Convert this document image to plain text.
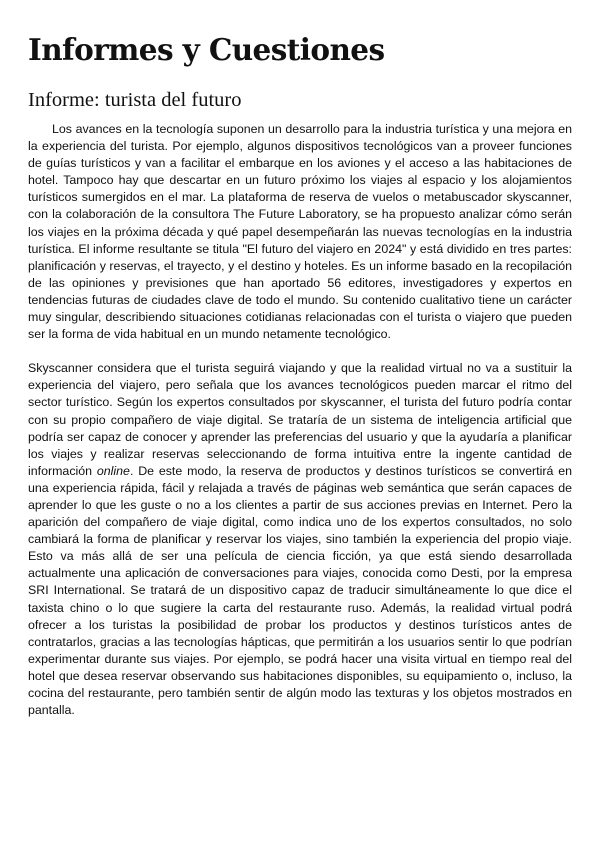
Informes y Cuestiones
Informe: turista del futuro

Los avances en la tecnología suponen un desarrollo para la industria turística y una mejora en la experiencia del turista. Por ejemplo, algunos dispositivos tecnológicos van a proveer funciones de guías turísticos y van a facilitar el embarque en los aviones y el acceso a las habitaciones de hotel. Tampoco hay que descartar en un futuro próximo los viajes al espacio y los alojamientos turísticos sumergidos en el mar. La plataforma de reserva de vuelos o metabuscador skyscanner, con la colaboración de la consultora The Future Laboratory, se ha propuesto analizar cómo serán los viajes en la próxima década y qué papel desempeñarán las nuevas tecnologías en la industria turística. El informe resultante se titula "El futuro del viajero en 2024" y está dividido en tres partes: planificación y reservas, el trayecto, y el destino y hoteles. Es un informe basado en la recopilación de las opiniones y previsiones que han aportado 56 editores, investigadores y expertos en tendencias futuras de ciudades clave de todo el mundo. Su contenido cualitativo tiene un carácter muy singular, describiendo situaciones cotidianas relacionadas con el turista o viajero que pueden ser la forma de vida habitual en un mundo netamente tecnológico.

Skyscanner considera que el turista seguirá viajando y que la realidad virtual no va a sustituir la experiencia del viajero, pero señala que los avances tecnológicos pueden marcar el ritmo del sector turístico. Según los expertos consultados por skyscanner, el turista del futuro podría contar con su propio compañero de viaje digital. Se trataría de un sistema de inteligencia artificial que podría ser capaz de conocer y aprender las preferencias del usuario y que la ayudaría a planificar los viajes y realizar reservas seleccionando de forma intuitiva entre la ingente cantidad de información online. De este modo, la reserva de productos y destinos turísticos se convertirá en una experiencia rápida, fácil y relajada a través de páginas web semántica que serán capaces de aprender lo que les guste o no a los clientes a partir de sus acciones previas en Internet. Pero la aparición del compañero de viaje digital, como indica uno de los expertos consultados, no solo cambiará la forma de planificar y reservar los viajes, sino también la experiencia del propio viaje. Esto va más allá de ser una película de ciencia ficción, ya que está siendo desarrollada actualmente una aplicación de conversaciones para viajes, conocida como Desti, por la empresa SRI International. Se tratará de un dispositivo capaz de traducir simultáneamente lo que dice el taxista chino o lo que sugiere la carta del restaurante ruso. Además, la realidad virtual podrá ofrecer a los turistas la posibilidad de probar los productos y destinos turísticos antes de contratarlos, gracias a las tecnologías hápticas, que permitirán a los usuarios sentir lo que podrían experimentar durante sus viajes. Por ejemplo, se podrá hacer una visita virtual en tiempo real del hotel que desea reservar observando sus habitaciones disponibles, su equipamiento o, incluso, la cocina del restaurante, pero también sentir de algún modo las texturas y los objetos mostrados en pantalla.
